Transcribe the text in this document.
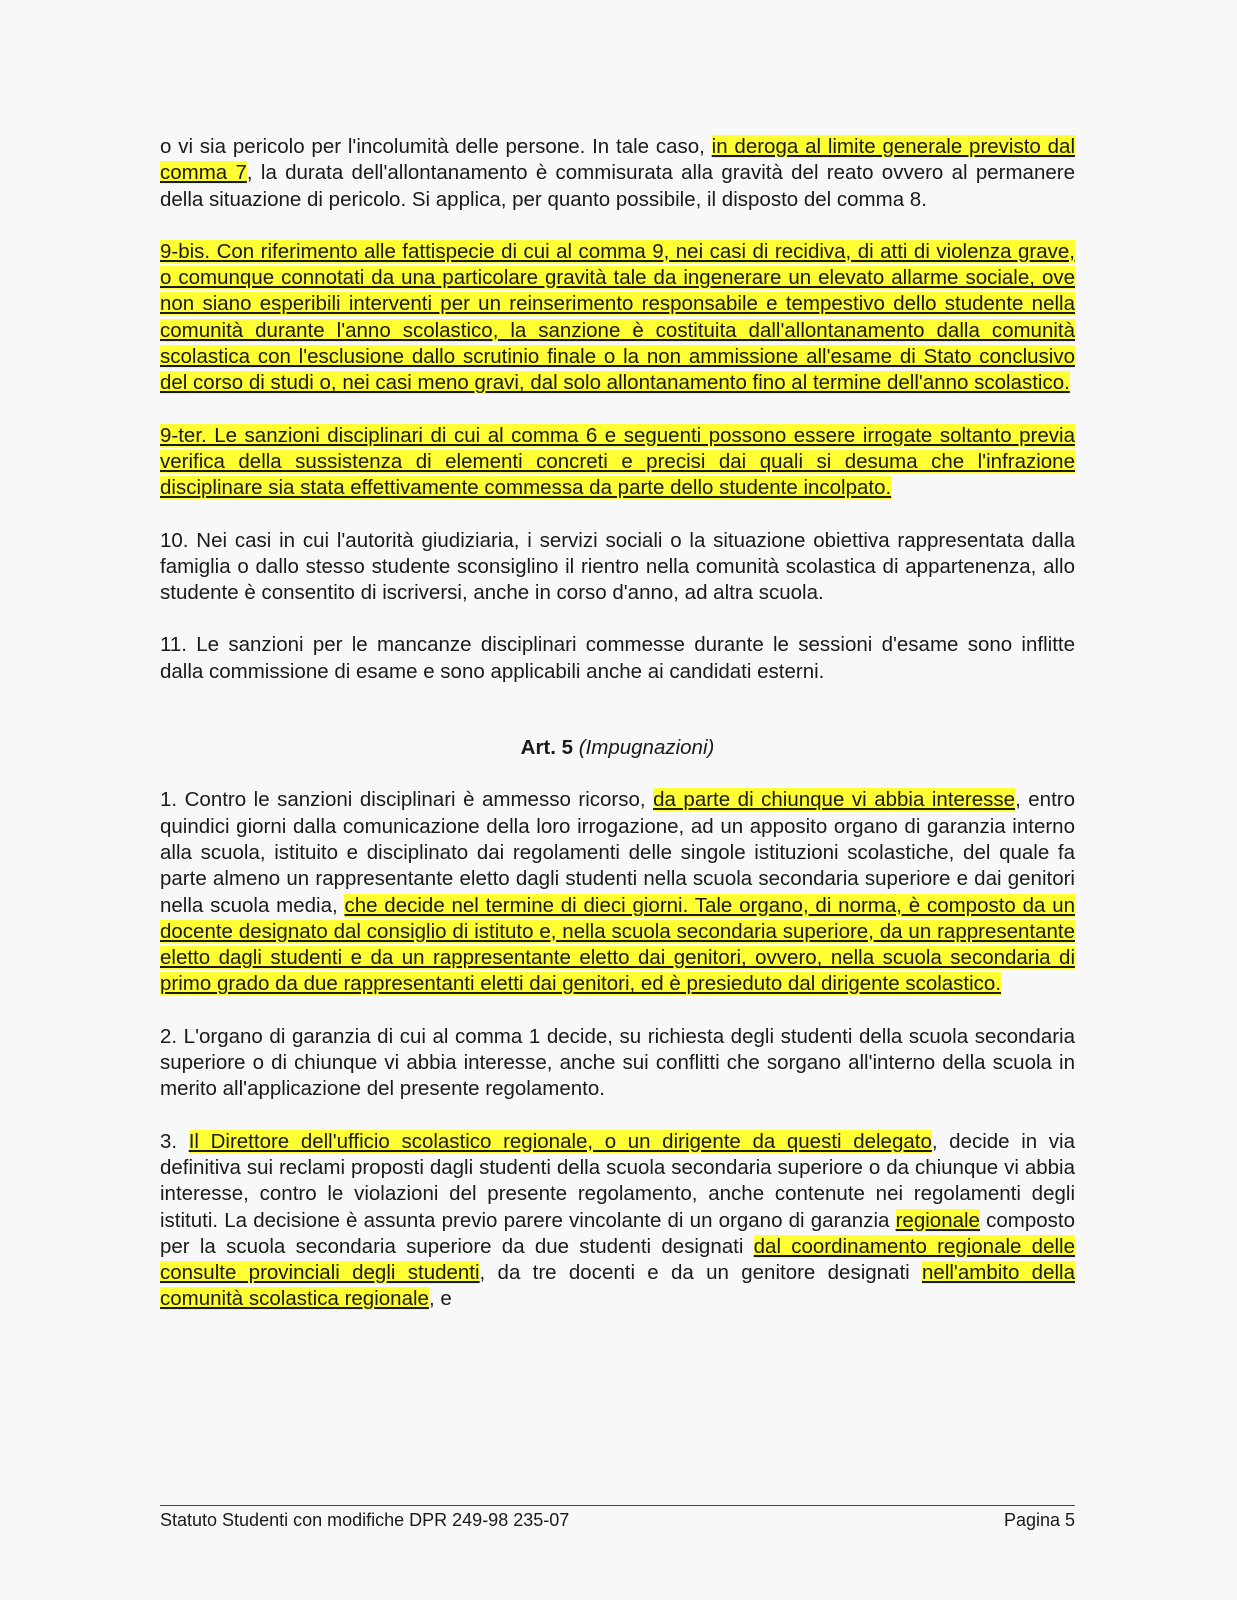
o vi sia pericolo per l'incolumità delle persone. In tale caso, in deroga al limite generale previsto dal comma 7, la durata dell'allontanamento è commisurata alla gravità del reato ovvero al permanere della situazione di pericolo. Si applica, per quanto possibile, il disposto del comma 8.

9-bis. Con riferimento alle fattispecie di cui al comma 9, nei casi di recidiva, di atti di violenza grave, o comunque connotati da una particolare gravità tale da ingenerare un elevato allarme sociale, ove non siano esperibili interventi per un reinserimento responsabile e tempestivo dello studente nella comunità durante l'anno scolastico, la sanzione è costituita dall'allontanamento dalla comunità scolastica con l'esclusione dallo scrutinio finale o la non ammissione all'esame di Stato conclusivo del corso di studi o, nei casi meno gravi, dal solo allontanamento fino al termine dell'anno scolastico.

9-ter. Le sanzioni disciplinari di cui al comma 6 e seguenti possono essere irrogate soltanto previa verifica della sussistenza di elementi concreti e precisi dai quali si desuma che l'infrazione disciplinare sia stata effettivamente commessa da parte dello studente incolpato.

10. Nei casi in cui l'autorità giudiziaria, i servizi sociali o la situazione obiettiva rappresentata dalla famiglia o dallo stesso studente sconsiglino il rientro nella comunità scolastica di appartenenza, allo studente è consentito di iscriversi, anche in corso d'anno, ad altra scuola.

11. Le sanzioni per le mancanze disciplinari commesse durante le sessioni d'esame sono inflitte dalla commissione di esame e sono applicabili anche ai candidati esterni.

Art. 5 (Impugnazioni)

1. Contro le sanzioni disciplinari è ammesso ricorso, da parte di chiunque vi abbia interesse, entro quindici giorni dalla comunicazione della loro irrogazione, ad un apposito organo di garanzia interno alla scuola, istituito e disciplinato dai regolamenti delle singole istituzioni scolastiche, del quale fa parte almeno un rappresentante eletto dagli studenti nella scuola secondaria superiore e dai genitori nella scuola media, che decide nel termine di dieci giorni. Tale organo, di norma, è composto da un docente designato dal consiglio di istituto e, nella scuola secondaria superiore, da un rappresentante eletto dagli studenti e da un rappresentante eletto dai genitori, ovvero, nella scuola secondaria di primo grado da due rappresentanti eletti dai genitori, ed è presieduto dal dirigente scolastico.

2. L'organo di garanzia di cui al comma 1 decide, su richiesta degli studenti della scuola secondaria superiore o di chiunque vi abbia interesse, anche sui conflitti che sorgano all'interno della scuola in merito all'applicazione del presente regolamento.

3. Il Direttore dell'ufficio scolastico regionale, o un dirigente da questi delegato, decide in via definitiva sui reclami proposti dagli studenti della scuola secondaria superiore o da chiunque vi abbia interesse, contro le violazioni del presente regolamento, anche contenute nei regolamenti degli istituti. La decisione è assunta previo parere vincolante di un organo di garanzia regionale composto per la scuola secondaria superiore da due studenti designati dal coordinamento regionale delle consulte provinciali degli studenti, da tre docenti e da un genitore designati nell'ambito della comunità scolastica regionale, e

Statuto Studenti con modifiche DPR 249-98 235-07	Pagina 5
